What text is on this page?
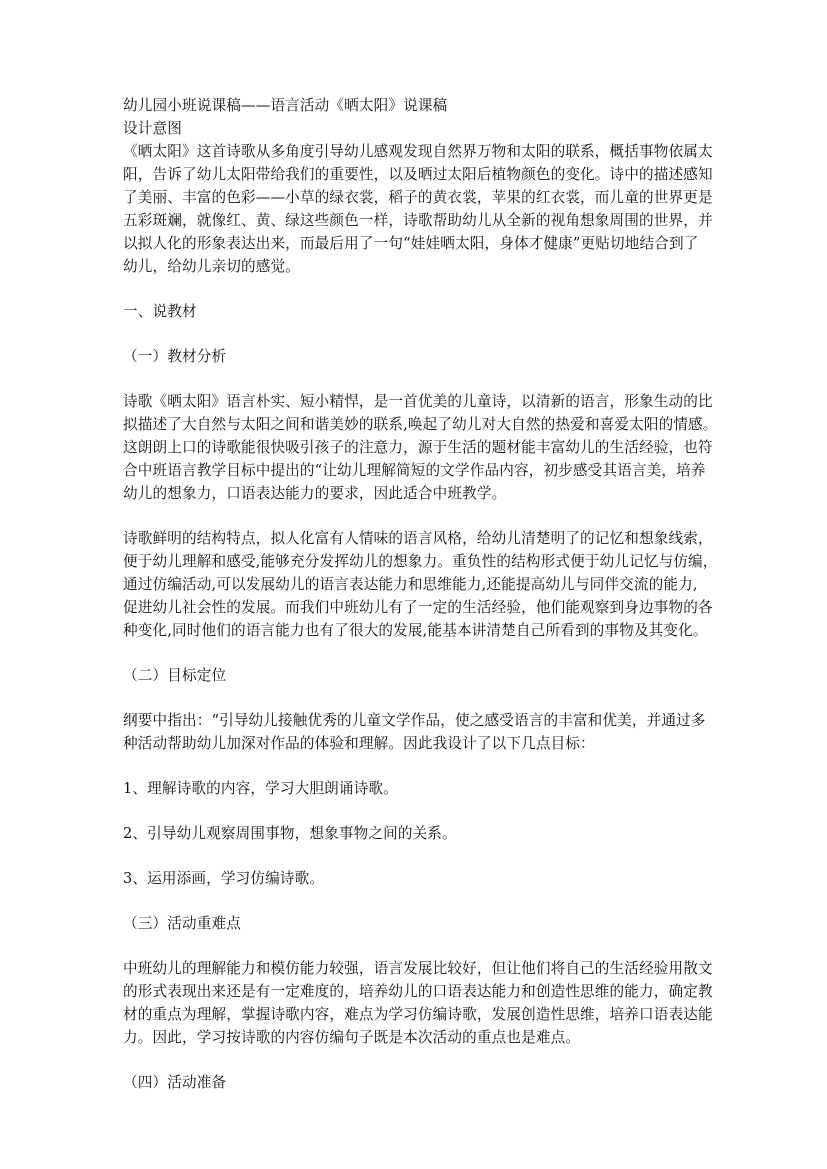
幼儿园小班说课稿——语言活动《晒太阳》说课稿
设计意图
《晒太阳》这首诗歌从多角度引导幼儿感观发现自然界万物和太阳的联系，概括事物依属太
阳，告诉了幼儿太阳带给我们的重要性，以及晒过太阳后植物颜色的变化。诗中的描述感知
了美丽、丰富的色彩——小草的绿衣裳，稻子的黄衣裳，苹果的红衣裳，而儿童的世界更是
五彩斑斓，就像红、黄、绿这些颜色一样，诗歌帮助幼儿从全新的视角想象周围的世界，并
以拟人化的形象表达出来，而最后用了一句“娃娃晒太阳，身体才健康”更贴切地结合到了
幼儿，给幼儿亲切的感觉。
一、说教材
（一）教材分析
诗歌《晒太阳》语言朴实、短小精悍，是一首优美的儿童诗，以清新的语言，形象生动的比
拟描述了大自然与太阳之间和谐美妙的联系,唤起了幼儿对大自然的热爱和喜爱太阳的情感。
这朗朗上口的诗歌能很快吸引孩子的注意力，源于生活的题材能丰富幼儿的生活经验，也符
合中班语言教学目标中提出的“让幼儿理解简短的文学作品内容，初步感受其语言美，培养
幼儿的想象力，口语表达能力的要求，因此适合中班教学。
诗歌鲜明的结构特点，拟人化富有人情味的语言风格，给幼儿清楚明了的记忆和想象线索，
便于幼儿理解和感受,能够充分发挥幼儿的想象力。重负性的结构形式便于幼儿记忆与仿编，
通过仿编活动,可以发展幼儿的语言表达能力和思维能力,还能提高幼儿与同伴交流的能力,
促进幼儿社会性的发展。而我们中班幼儿有了一定的生活经验，他们能观察到身边事物的各
种变化,同时他们的语言能力也有了很大的发展,能基本讲清楚自己所看到的事物及其变化。
（二）目标定位
纲要中指出：“引导幼儿接触优秀的儿童文学作品，使之感受语言的丰富和优美，并通过多
种活动帮助幼儿加深对作品的体验和理解。因此我设计了以下几点目标：
1、理解诗歌的内容，学习大胆朗诵诗歌。
2、引导幼儿观察周围事物，想象事物之间的关系。
3、运用添画，学习仿编诗歌。
（三）活动重难点
中班幼儿的理解能力和模仿能力较强，语言发展比较好，但让他们将自己的生活经验用散文
的形式表现出来还是有一定难度的，培养幼儿的口语表达能力和创造性思维的能力，确定教
材的重点为理解，掌握诗歌内容，难点为学习仿编诗歌，发展创造性思维，培养口语表达能
力。因此，学习按诗歌的内容仿编句子既是本次活动的重点也是难点。
（四）活动准备
